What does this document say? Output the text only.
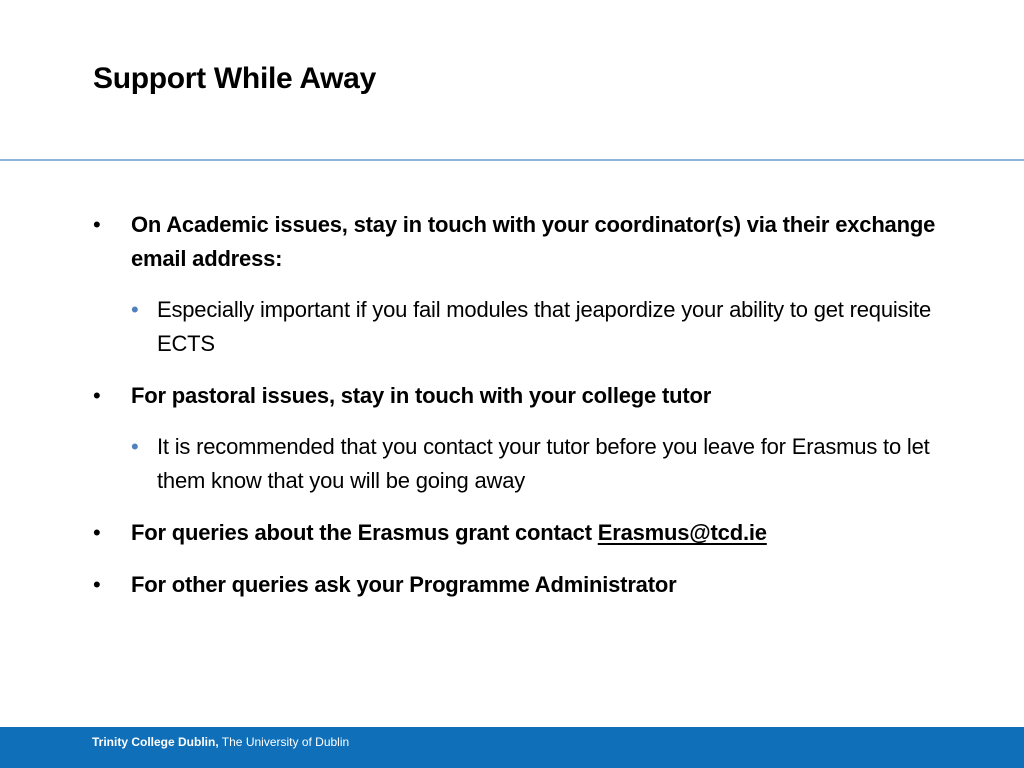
Support While Away
• On Academic issues, stay in touch with your coordinator(s) via their exchange email address:
• Especially important if you fail modules that jeapordize your ability to get requisite ECTS
• For pastoral issues, stay in touch with your college tutor
• It is recommended that you contact your tutor before you leave for Erasmus to let them know that you will be going away
• For queries about the Erasmus grant contact Erasmus@tcd.ie
• For other queries ask your Programme Administrator
Trinity College Dublin, The University of Dublin
